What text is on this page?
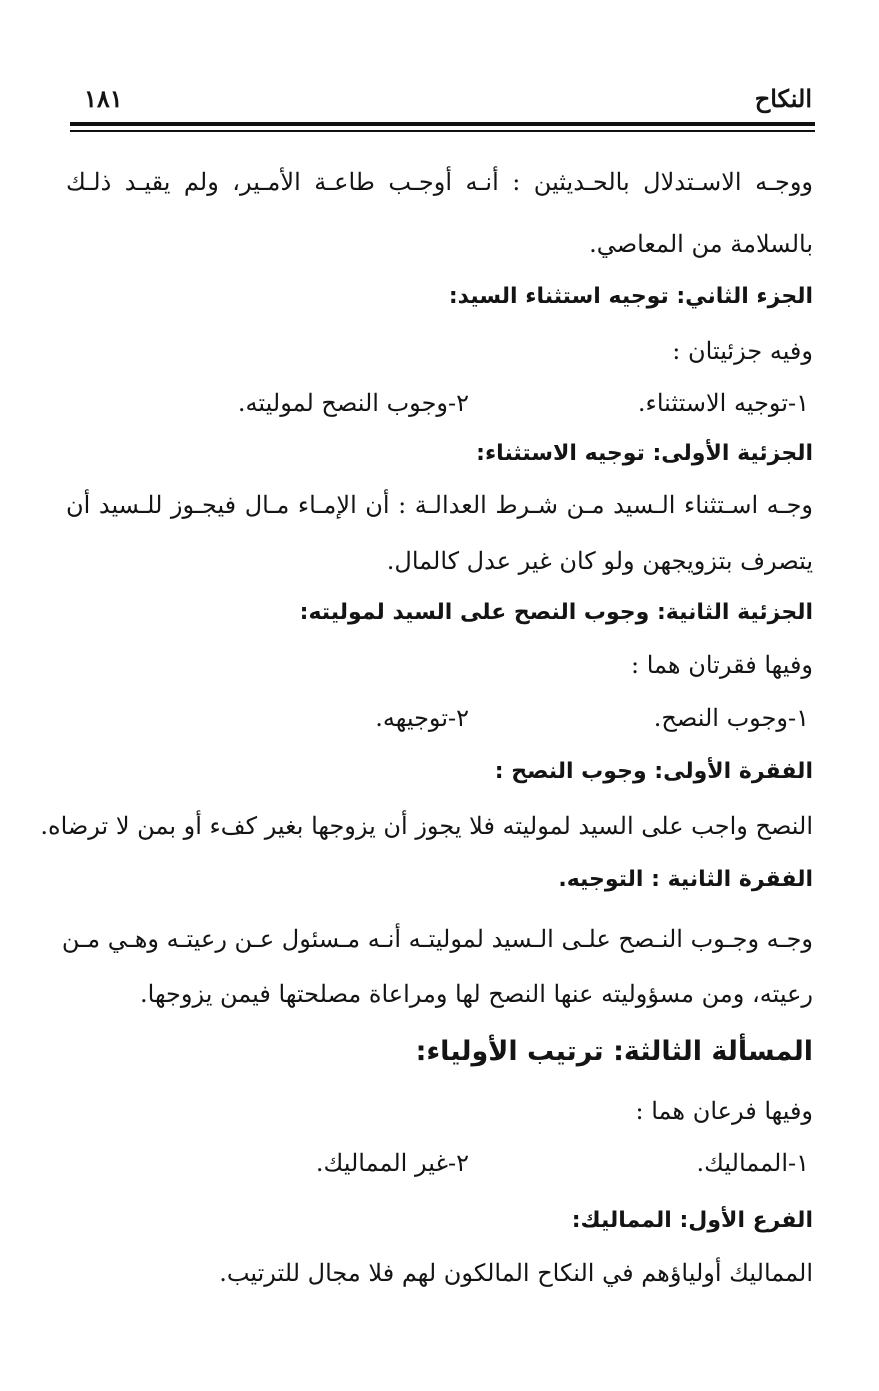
النكاح
١٨١
ووجـه الاسـتدلال بالحـديثين : أنـه أوجـب طاعـة الأمـير، ولم يقيـد ذلـك
بالسلامة من المعاصي.
الجزء الثاني: توجيه استثناء السيد:
وفيه جزئيتان :
١-توجيه الاستثناء.
٢-وجوب النصح لموليته.
الجزئية الأولى: توجيه الاستثناء:
وجـه اسـتثناء الـسيد مـن شـرط العدالـة : أن الإمـاء مـال فيجـوز للـسيد أن
يتصرف بتزويجهن ولو كان غير عدل كالمال.
الجزئية الثانية: وجوب النصح على السيد لموليته:
وفيها فقرتان هما :
١-وجوب النصح.
٢-توجيهه.
الفقرة الأولى: وجوب النصح :
النصح واجب على السيد لموليته فلا يجوز أن يزوجها بغير كفء أو بمن لا ترضاه.
الفقرة الثانية : التوجيه.
وجـه وجـوب النـصح علـى الـسيد لموليتـه أنـه مـسئول عـن رعيتـه وهـي مـن
رعيته، ومن مسؤوليته عنها النصح لها ومراعاة مصلحتها فيمن يزوجها.
المسألة الثالثة: ترتيب الأولياء:
وفيها فرعان هما :
١-المماليك.
٢-غير المماليك.
الفرع الأول: المماليك:
المماليك أولياؤهم في النكاح المالكون لهم فلا مجال للترتيب.
